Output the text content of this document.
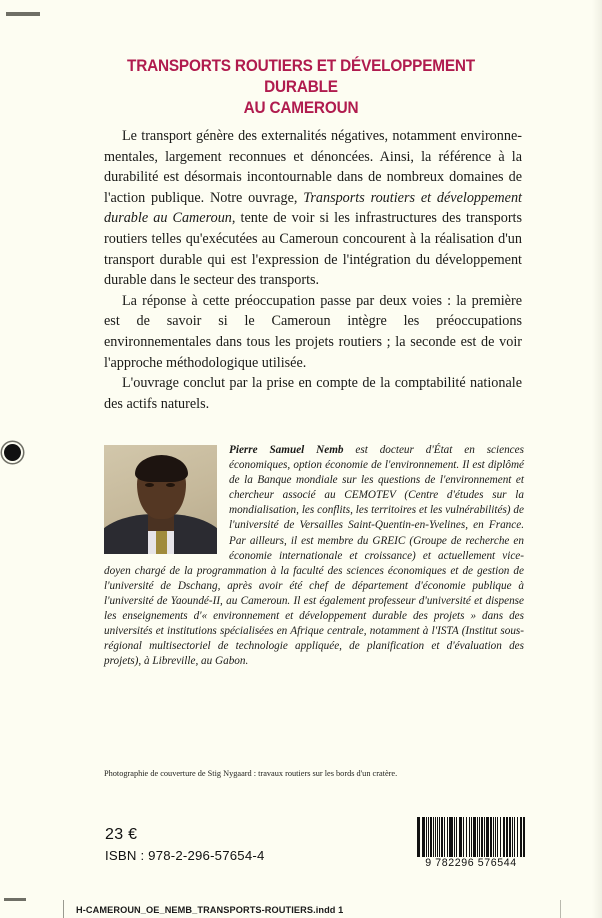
TRANSPORTS ROUTIERS ET DÉVELOPPEMENT DURABLE
AU CAMEROUN

Le transport génère des externalités négatives, notamment environnementales, largement reconnues et dénoncées. Ainsi, la référence à la durabilité est désormais incontournable dans de nombreux domaines de l'action publique. Notre ouvrage, Transports routiers et développement durable au Cameroun, tente de voir si les infrastructures des transports routiers telles qu'exécutées au Cameroun concourent à la réalisation d'un transport durable qui est l'expression de l'intégration du développement durable dans le secteur des transports.

La réponse à cette préoccupation passe par deux voies : la première est de savoir si le Cameroun intègre les préoccupations environnementales dans tous les projets routiers ; la seconde est de voir l'approche méthodologique utilisée.

L'ouvrage conclut par la prise en compte de la comptabilité nationale des actifs naturels.

Pierre Samuel Nemb est docteur d'État en sciences économiques, option économie de l'environnement. Il est diplômé de la Banque mondiale sur les questions de l'environnement et chercheur associé au CEMOTEV (Centre d'études sur la mondialisation, les conflits, les territoires et les vulnérabilités) de l'université de Versailles Saint-Quentin-en-Yvelines, en France. Par ailleurs, il est membre du GREIC (Groupe de recherche en économie internationale et croissance) et actuellement vice-doyen chargé de la programmation à la faculté des sciences économiques et de gestion de l'université de Dschang, après avoir été chef de département d'économie publique à l'université de Yaoundé-II, au Cameroun. Il est également professeur d'université et dispense les enseignements d'« environnement et développement durable des projets » dans des universités et institutions spécialisées en Afrique centrale, notamment à l'ISTA (Institut sous-régional multisectoriel de technologie appliquée, de planification et d'évaluation des projets), à Libreville, au Gabon.
Photographie de couverture de Stig Nygaard : travaux routiers sur les bords d'un cratère.
23 €
ISBN : 978-2-296-57654-4	9 782296 576544
H-CAMEROUN_OE_NEMB_TRANSPORTS-ROUTIERS.indd 1
